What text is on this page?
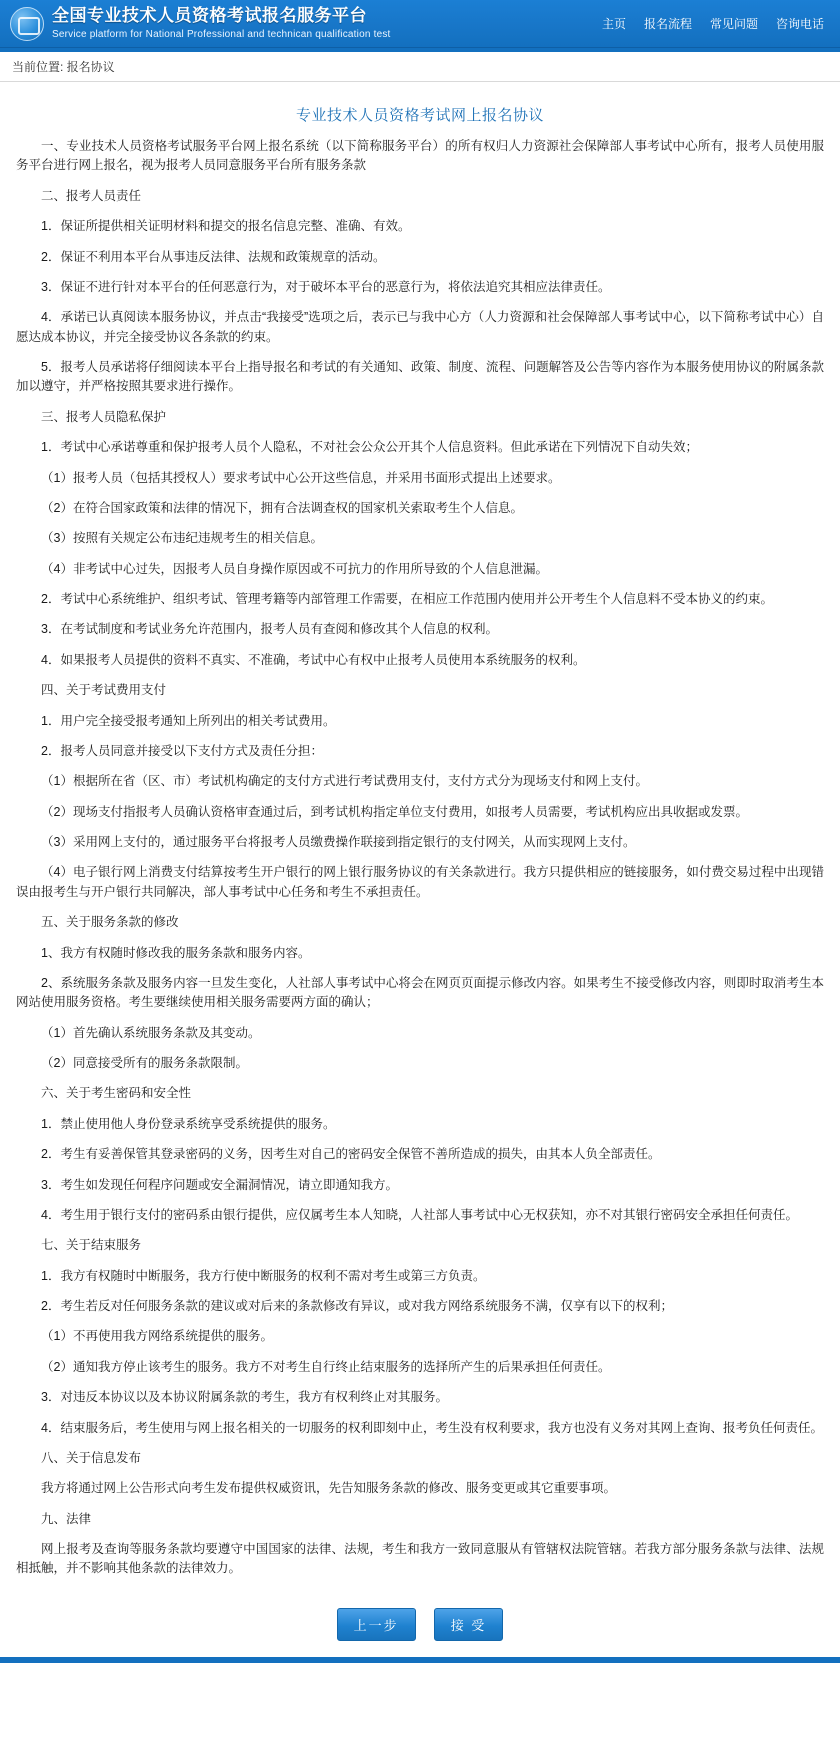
全国专业技术人员资格考试报名服务平台
Service platform for National Professional and technican qualification test
主页 报名流程 常见问题 咨询电话
当前位置: 报名协议
专业技术人员资格考试网上报名协议

一、专业技术人员资格考试服务平台网上报名系统（以下简称服务平台）的所有权归人力资源社会保障部人事考试中心所有，报考人员使用服务平台进行网上报名，视为报考人员同意服务平台所有服务条款

二、报考人员责任

1．保证所提供相关证明材料和提交的报名信息完整、准确、有效。

2．保证不利用本平台从事违反法律、法规和政策规章的活动。

3．保证不进行针对本平台的任何恶意行为，对于破坏本平台的恶意行为，将依法追究其相应法律责任。

4．承诺已认真阅读本服务协议，并点击“我接受”选项之后，表示已与我中心方（人力资源和社会保障部人事考试中心，以下简称考试中心）自愿达成本协议，并完全接受协议各条款的约束。

5．报考人员承诺将仔细阅读本平台上指导报名和考试的有关通知、政策、制度、流程、问题解答及公告等内容作为本服务使用协议的附属条款加以遵守，并严格按照其要求进行操作。

三、报考人员隐私保护

1．考试中心承诺尊重和保护报考人员个人隐私，不对社会公众公开其个人信息资料。但此承诺在下列情况下自动失效；

（1）报考人员（包括其授权人）要求考试中心公开这些信息，并采用书面形式提出上述要求。

（2）在符合国家政策和法律的情况下，拥有合法调查权的国家机关索取考生个人信息。

（3）按照有关规定公布违纪违规考生的相关信息。

（4）非考试中心过失，因报考人员自身操作原因或不可抗力的作用所导致的个人信息泄漏。

2．考试中心系统维护、组织考试、管理考籍等内部管理工作需要，在相应工作范围内使用并公开考生个人信息料不受本协义的约束。

3．在考试制度和考试业务允许范围内，报考人员有查阅和修改其个人信息的权利。

4．如果报考人员提供的资料不真实、不准确，考试中心有权中止报考人员使用本系统服务的权利。

四、关于考试费用支付

1．用户完全接受报考通知上所列出的相关考试费用。

2．报考人员同意并接受以下支付方式及责任分担：

（1）根据所在省（区、市）考试机构确定的支付方式进行考试费用支付，支付方式分为现场支付和网上支付。

（2）现场支付指报考人员确认资格审查通过后，到考试机构指定单位支付费用，如报考人员需要，考试机构应出具收据或发票。

（3）采用网上支付的，通过服务平台将报考人员缴费操作联接到指定银行的支付网关，从而实现网上支付。

（4）电子银行网上消费支付结算按考生开户银行的网上银行服务协议的有关条款进行。我方只提供相应的链接服务，如付费交易过程中出现错误由报考生与开户银行共同解决，部人事考试中心任务和考生不承担责任。

五、关于服务条款的修改

1、我方有权随时修改我的服务条款和服务内容。

2、系统服务条款及服务内容一旦发生变化，人社部人事考试中心将会在网页页面提示修改内容。如果考生不接受修改内容，则即时取消考生本网站使用服务资格。考生要继续使用相关服务需要两方面的确认；

（1）首先确认系统服务条款及其变动。

（2）同意接受所有的服务条款限制。

六、关于考生密码和安全性

1．禁止使用他人身份登录系统享受系统提供的服务。

2．考生有妥善保管其登录密码的义务，因考生对自己的密码安全保管不善所造成的损失，由其本人负全部责任。

3．考生如发现任何程序问题或安全漏洞情况，请立即通知我方。

4．考生用于银行支付的密码系由银行提供，应仅属考生本人知晓，人社部人事考试中心无权获知，亦不对其银行密码安全承担任何责任。

七、关于结束服务

1．我方有权随时中断服务，我方行使中断服务的权利不需对考生或第三方负责。

2．考生若反对任何服务条款的建议或对后来的条款修改有异议，或对我方网络系统服务不满，仅享有以下的权利；

（1）不再使用我方网络系统提供的服务。

（2）通知我方停止该考生的服务。我方不对考生自行终止结束服务的选择所产生的后果承担任何责任。

3．对违反本协议以及本协议附属条款的考生，我方有权利终止对其服务。

4．结束服务后，考生使用与网上报名相关的一切服务的权利即刻中止，考生没有权利要求，我方也没有义务对其网上查询、报考负任何责任。

八、关于信息发布

我方将通过网上公告形式向考生发布提供权威资讯，先告知服务条款的修改、服务变更或其它重要事项。

九、法律

网上报考及查询等服务条款均要遵守中国国家的法律、法规，考生和我方一致同意服从有管辖权法院管辖。若我方部分服务条款与法律、法规相抵触，并不影响其他条款的法律效力。

上一步	接 受
